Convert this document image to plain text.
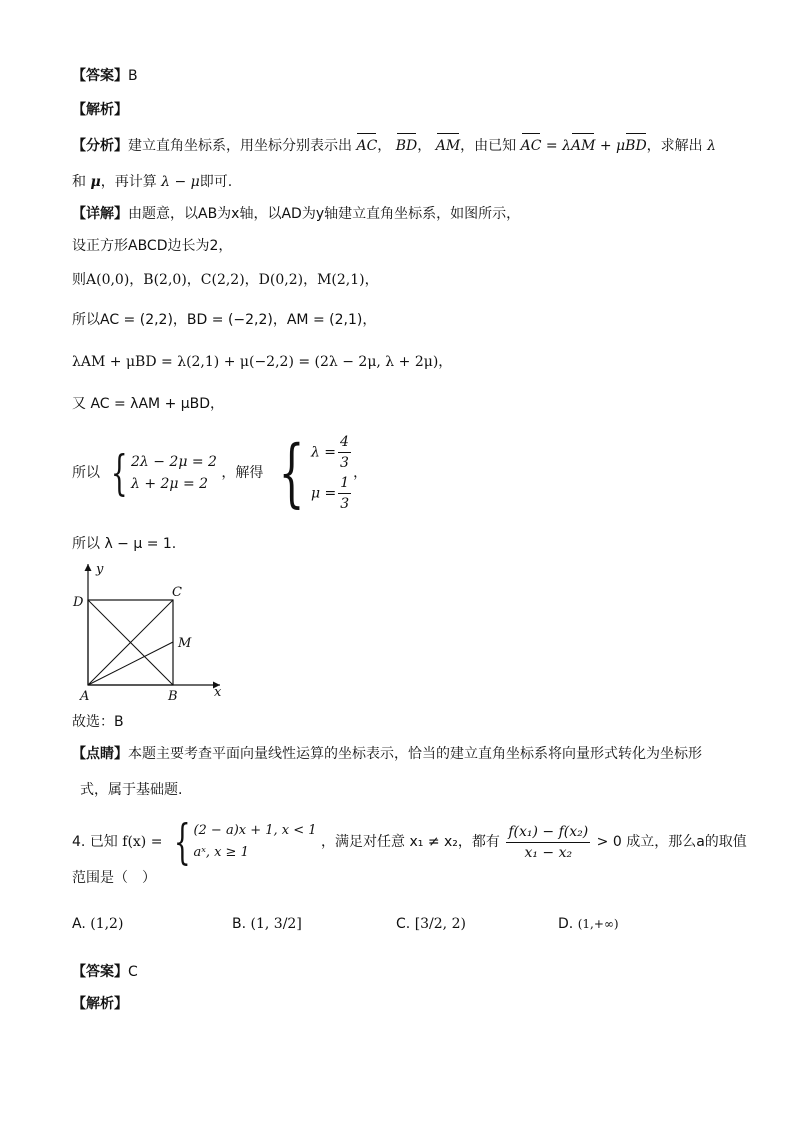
【答案】B
【解析】
【分析】建立直角坐标系，用坐标分别表示出 AC， BD， AM，由已知 AC = λAM + μBD，求解出 λ
和 μ，再计算 λ − μ即可.
【详解】由题意，以AB为x轴，以AD为y轴建立直角坐标系，如图所示，
设正方形ABCD边长为2，
则A(0,0)，B(2,0)，C(2,2)，D(0,2)，M(2,1)，
所以AC = (2,2)，BD = (−2,2)，AM = (2,1)，
λAM + μBD = λ(2,1) + μ(−2,2) = (2λ − 2μ, λ + 2μ)，
又 AC = λAM + μBD，
所以 { 2λ − 2μ = 2
λ + 2μ = 2
，解得 { $\lambda = \frac{4}{3}$
$\mu = \frac{1}{3}$ ，
所以 λ − μ = 1.
y
x
A	B
C
D
M
故选：B
【点睛】本题主要考查平面向量线性运算的坐标表示，恰当的建立直角坐标系将向量形式转化为坐标形
式，属于基础题.
4. 已知 f(x) = { (2 − a)x + 1, x < 1
aˣ, x ≥ 1
，满足对任意 x₁ ≠ x₂，都有 $\frac{\text{f(x₁) − f(x₂)}}{\text{x₁ − x₂}} > 0$ 成立，那么a的取值
范围是（　）
A. (1,2)	B. (1, 3/2]	C. [3/2, 2)	D. (1,+∞)
【答案】C
【解析】
